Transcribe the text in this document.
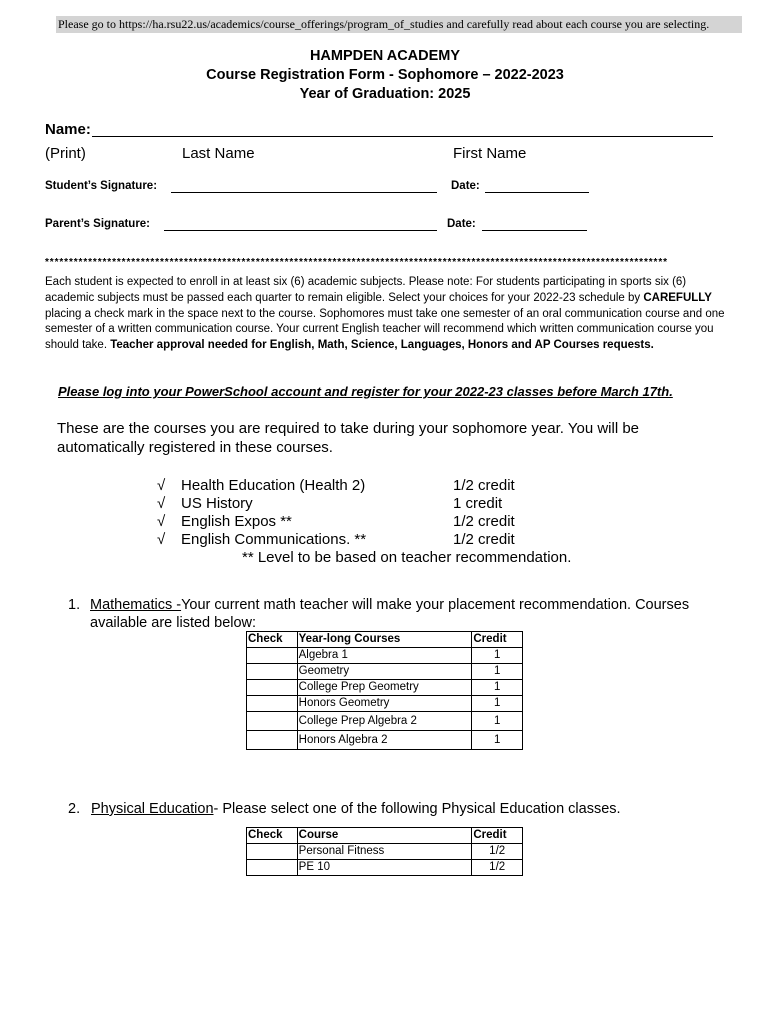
Please go to https://ha.rsu22.us/academics/course_offerings/program_of_studies and carefully read about each course you are selecting.
HAMPDEN ACADEMY
Course Registration Form - Sophomore – 2022-2023
Year of Graduation: 2025
Name:
(Print)	Last Name	First Name
Student’s Signature:	Date:
Parent’s Signature:	Date:
**********************************************************************************************************************************
Each student is expected to enroll in at least six (6) academic subjects. Please note: For students participating in sports six (6) academic subjects must be passed each quarter to remain eligible. Select your choices for your 2022-23 schedule by CAREFULLY placing a check mark in the space next to the course. Sophomores must take one semester of an oral communication course and one semester of a written communication course. Your current English teacher will recommend which written communication course you should take. Teacher approval needed for English, Math, Science, Languages, Honors and AP Courses requests.
Please log into your PowerSchool account and register for your 2022-23 classes before March 17th.
These are the courses you are required to take during your sophomore year. You will be automatically registered in these courses.
√ Health Education (Health 2)	1/2 credit
√ US History	1 credit
√ English Expos **	1/2 credit
√ English Communications. **	1/2 credit
** Level to be based on teacher recommendation.
1. Mathematics -Your current math teacher will make your placement recommendation. Courses available are listed below:
Check	Year-long Courses	Credit
	Algebra 1	1
	Geometry	1
	College Prep Geometry	1
	Honors Geometry	1
	College Prep Algebra 2	1
	Honors Algebra 2	1
2. Physical Education- Please select one of the following Physical Education classes.
Check	Course	Credit
	Personal Fitness	1/2
	PE 10	1/2
